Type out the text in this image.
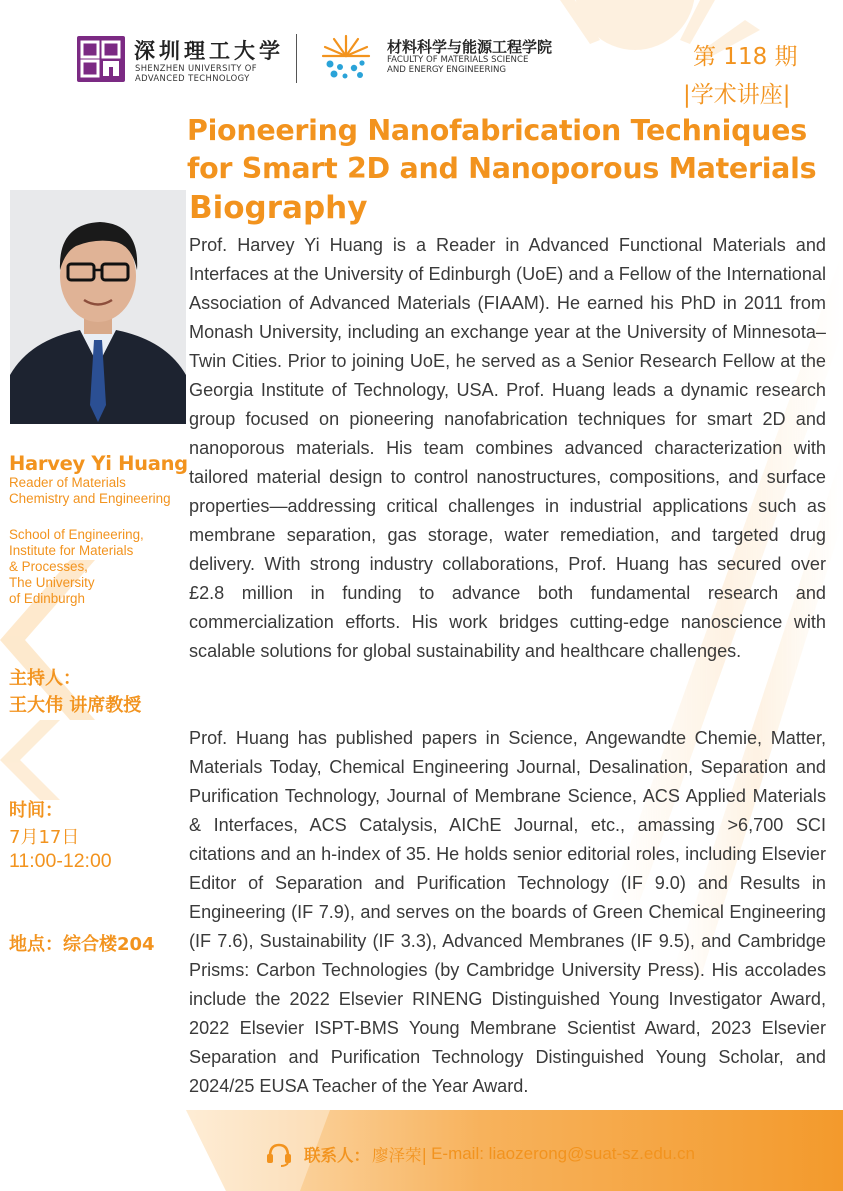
深圳理工大学
SHENZHEN UNIVERSITY OF
ADVANCED TECHNOLOGY
材料科学与能源工程学院
FACULTY OF MATERIALS SCIENCE
AND ENERGY ENGINEERING	第 118 期
|学术讲座|
Pioneering Nanofabrication Techniques
for Smart 2D and Nanoporous Materials
Biography
Harvey Yi Huang
Reader of Materials
Chemistry and Engineering
School of Engineering,
Institute for Materials
& Processes,
The University
of Edinburgh
主持人：
王大伟 讲席教授
时间：
7月17日
11:00-12:00
地点：综合楼204

Prof. Harvey Yi Huang is a Reader in Advanced Functional Materials and Interfaces at the University of Edinburgh (UoE) and a Fellow of the International Association of Advanced Materials (FIAAM). He earned his PhD in 2011 from Monash University, including an exchange year at the University of Minnesota–Twin Cities. Prior to joining UoE, he served as a Senior Research Fellow at the Georgia Institute of Technology, USA. Prof. Huang leads a dynamic research group focused on pioneering nanofabrication techniques for smart 2D and nanoporous materials. His team combines advanced characterization with tailored material design to control nanostructures, compositions, and surface properties—addressing critical challenges in industrial applications such as membrane separation, gas storage, water remediation, and targeted drug delivery. With strong industry collaborations, Prof. Huang has secured over £2.8 million in funding to advance both fundamental research and commercialization efforts. His work bridges cutting-edge nanoscience with scalable solutions for global sustainability and healthcare challenges.

Prof. Huang has published papers in Science, Angewandte Chemie, Matter, Materials Today, Chemical Engineering Journal, Desalination, Separation and Purification Technology, Journal of Membrane Science, ACS Applied Materials & Interfaces, ACS Catalysis, AIChE Journal, etc., amassing >6,700 SCI citations and an h-index of 35. He holds senior editorial roles, including Elsevier Editor of Separation and Purification Technology (IF 9.0) and Results in Engineering (IF 7.9), and serves on the boards of Green Chemical Engineering (IF 7.6), Sustainability (IF 3.3), Advanced Membranes (IF 9.5), and Cambridge Prisms: Carbon Technologies (by Cambridge University Press). His accolades include the 2022 Elsevier RINENG Distinguished Young Investigator Award, 2022 Elsevier ISPT-BMS Young Membrane Scientist Award, 2023 Elsevier Separation and Purification Technology Distinguished Young Scholar, and 2024/25 EUSA Teacher of the Year Award.

联系人： 廖泽荣| E-mail: liaozerong@suat-sz.edu.cn
